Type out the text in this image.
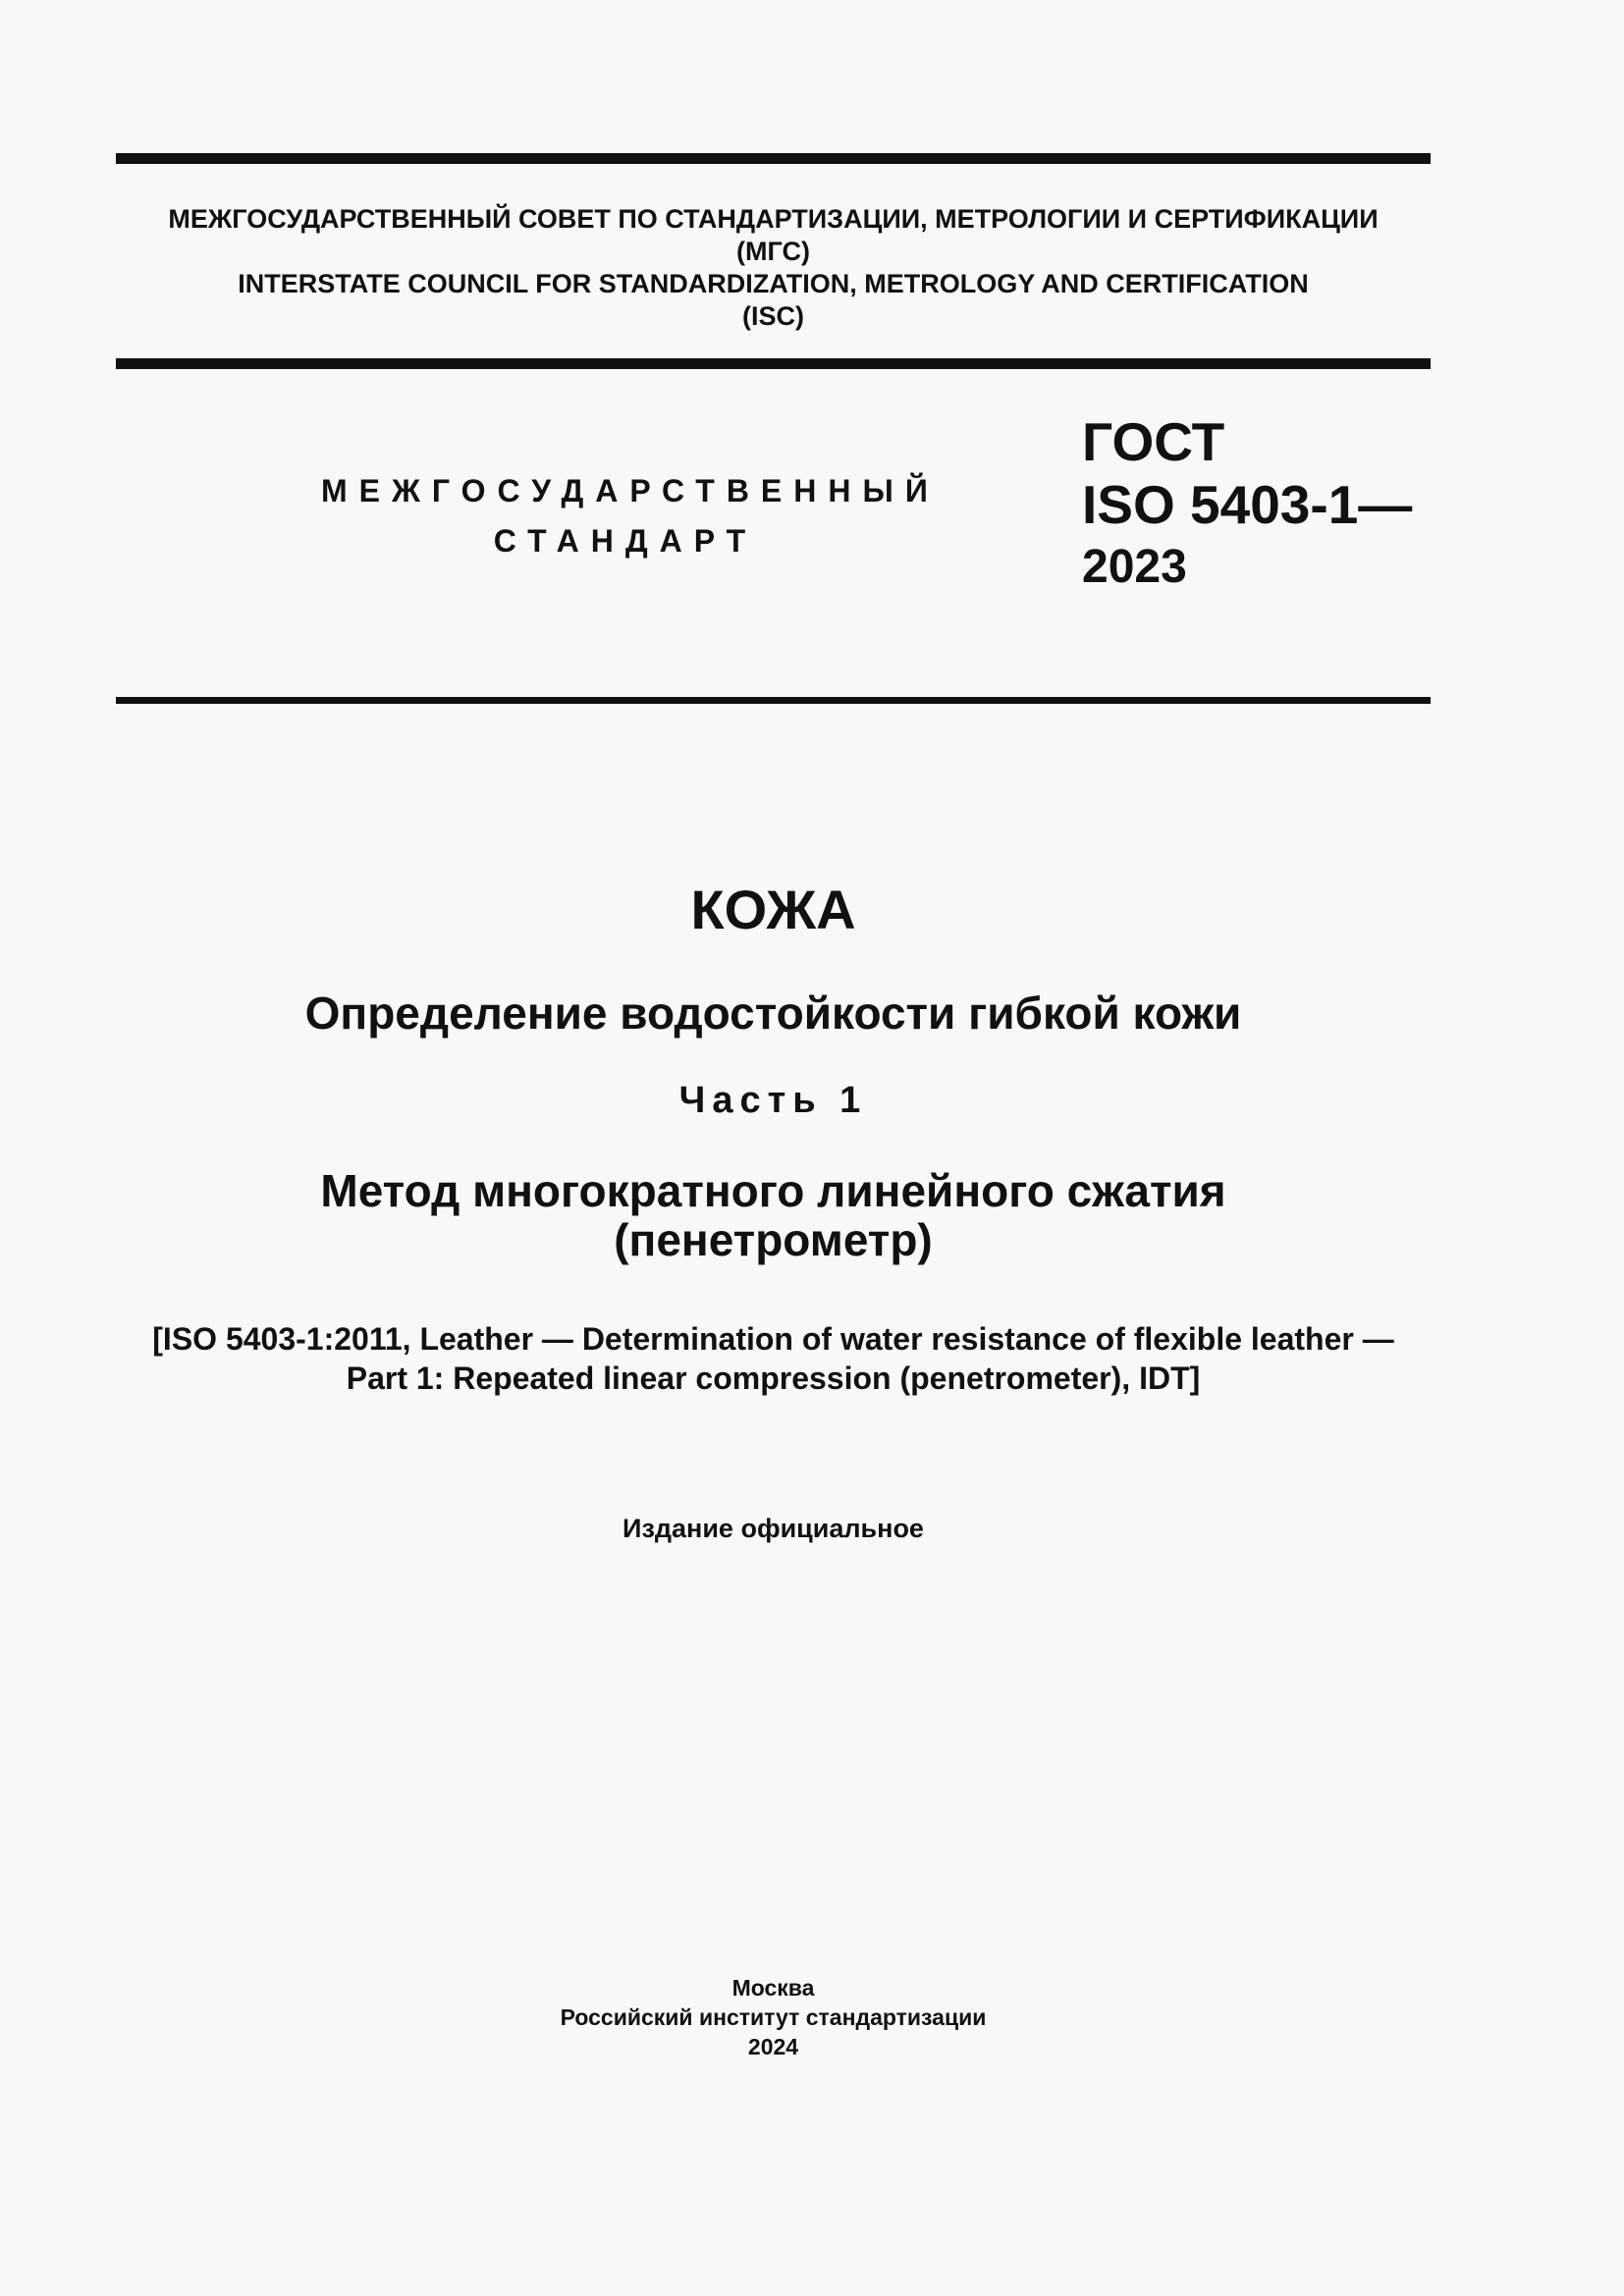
МЕЖГОСУДАРСТВЕННЫЙ СОВЕТ ПО СТАНДАРТИЗАЦИИ, МЕТРОЛОГИИ И СЕРТИФИКАЦИИ
(МГС)
INTERSTATE COUNCIL FOR STANDARDIZATION, METROLOGY AND CERTIFICATION
(ISC)
МЕЖГОСУДАРСТВЕННЫЙ
СТАНДАРТ
ГОСТ
ISO 5403-1—
2023
КОЖА
Определение водостойкости гибкой кожи
Часть 1
Метод многократного линейного сжатия
(пенетрометр)
[ISO 5403-1:2011, Leather — Determination of water resistance of flexible leather —
Part 1: Repeated linear compression (penetrometer), IDT]
Издание официальное
Москва
Российский институт стандартизации
2024
